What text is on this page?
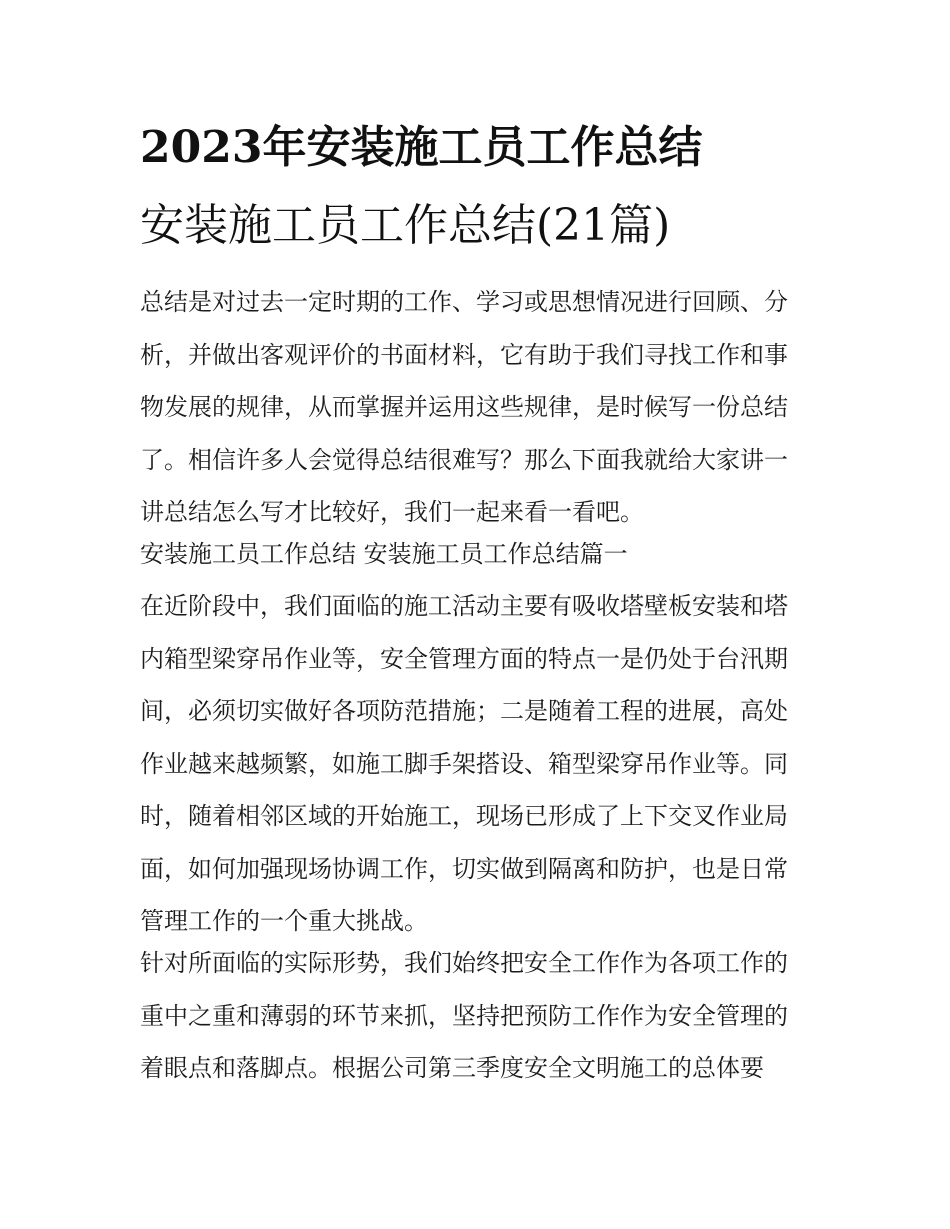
2023年安装施工员工作总结
安装施工员工作总结(21篇)
总结是对过去一定时期的工作、学习或思想情况进行回顾、分
析，并做出客观评价的书面材料，它有助于我们寻找工作和事
物发展的规律，从而掌握并运用这些规律，是时候写一份总结
了。相信许多人会觉得总结很难写？那么下面我就给大家讲一
讲总结怎么写才比较好，我们一起来看一看吧。
安装施工员工作总结 安装施工员工作总结篇一
在近阶段中，我们面临的施工活动主要有吸收塔壁板安装和塔
内箱型梁穿吊作业等，安全管理方面的特点一是仍处于台汛期
间，必须切实做好各项防范措施；二是随着工程的进展，高处
作业越来越频繁，如施工脚手架搭设、箱型梁穿吊作业等。同
时，随着相邻区域的开始施工，现场已形成了上下交叉作业局
面，如何加强现场协调工作，切实做到隔离和防护，也是日常
管理工作的一个重大挑战。
针对所面临的实际形势，我们始终把安全工作作为各项工作的
重中之重和薄弱的环节来抓，坚持把预防工作作为安全管理的
着眼点和落脚点。根据公司第三季度安全文明施工的总体要
